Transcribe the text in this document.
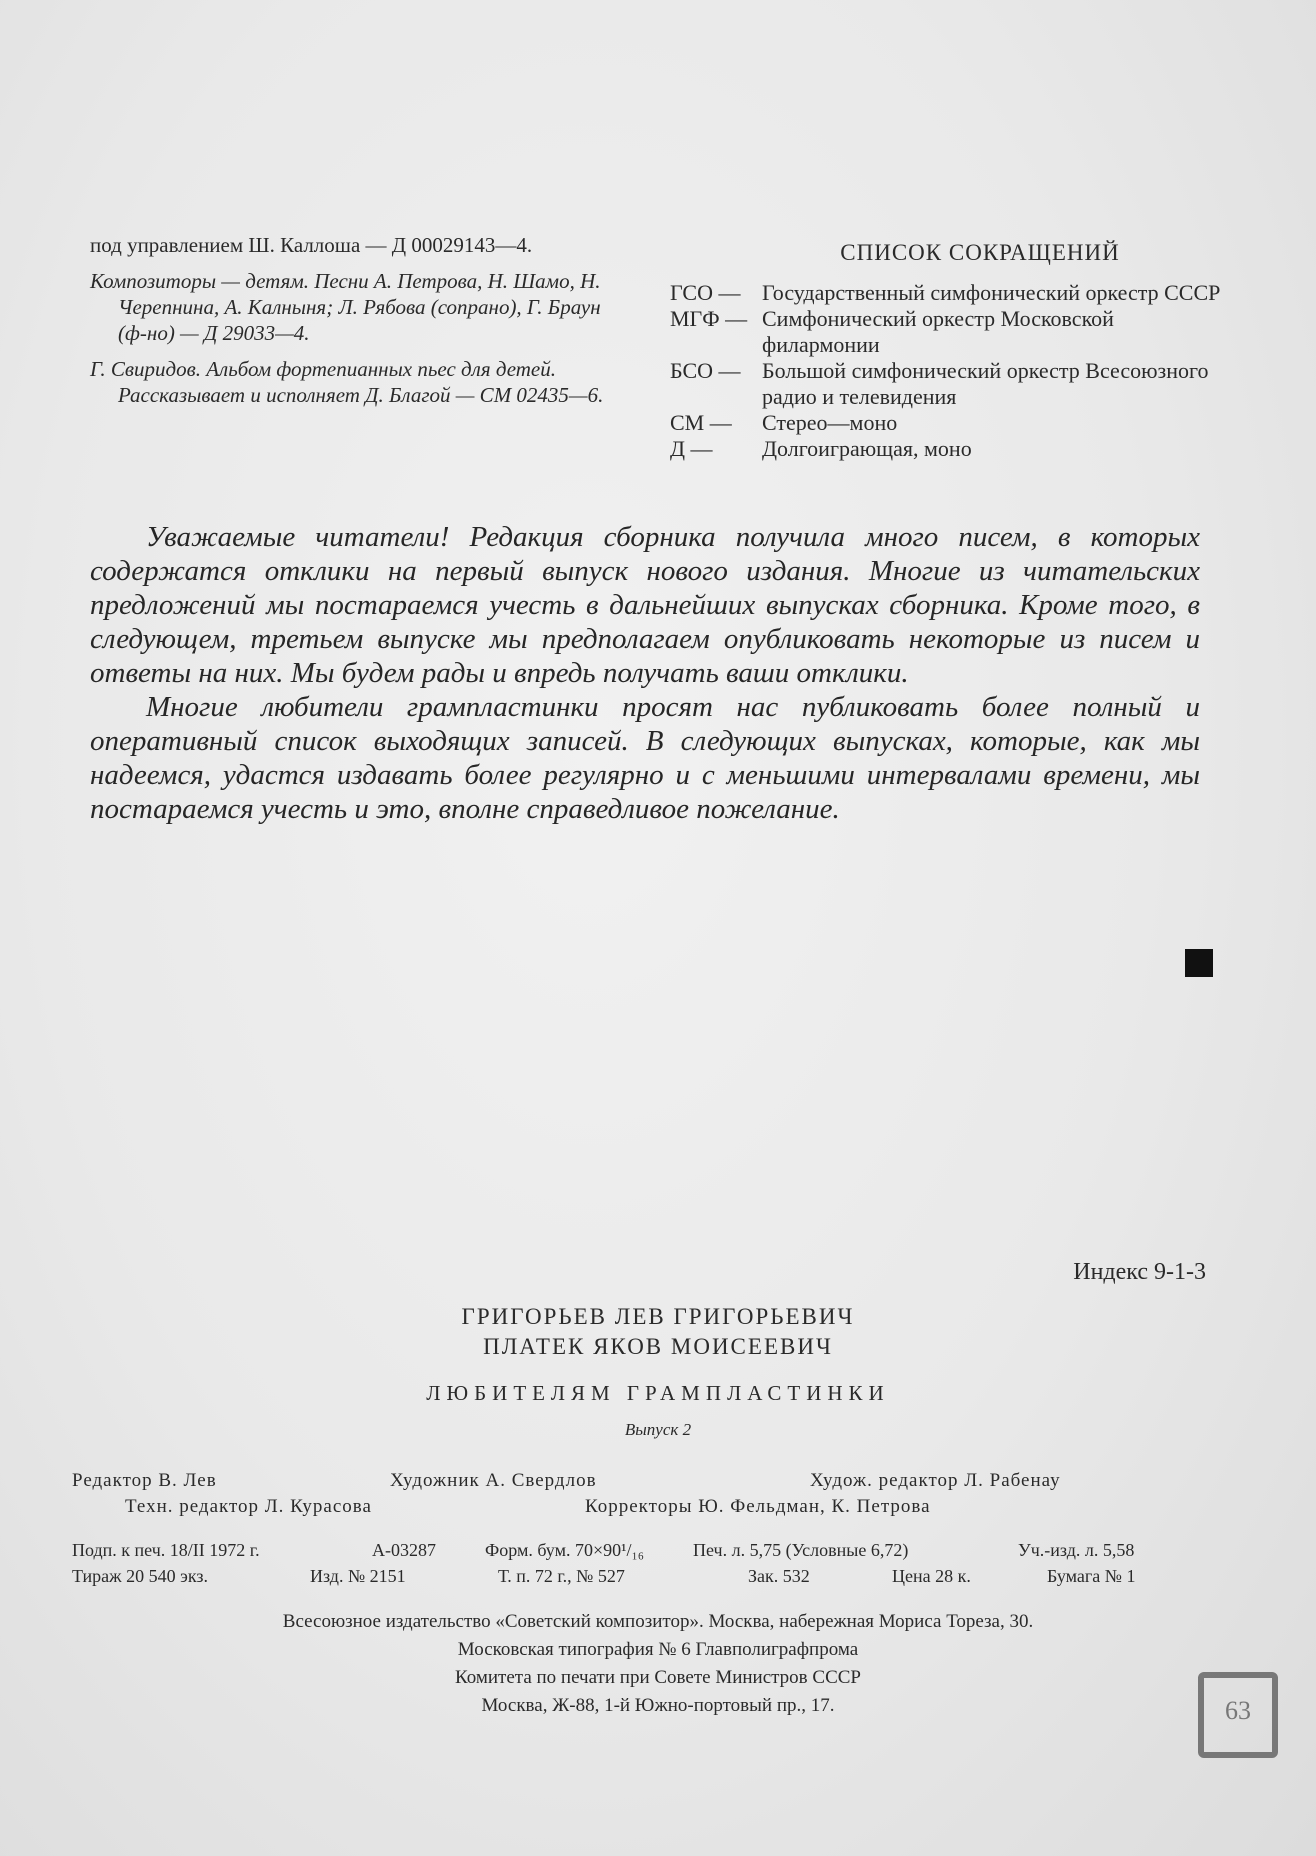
под управлением Ш. Каллоша — Д 00029143—4.

Композиторы — детям. Песни А. Петрова, Н. Шамо, Н. Черепнина, А. Калныня; Л. Рябова (сопрано), Г. Браун (ф-но) — Д 29033—4.

Г. Свиридов. Альбом фортепианных пьес для детей. Рассказывает и исполняет Д. Благой — СМ 02435—6.

СПИСОК СОКРАЩЕНИЙ
ГСО — Государственный симфонический оркестр СССР
МГФ — Симфонический оркестр Московской филармонии
БСО — Большой симфонический оркестр Всесоюзного радио и телевидения
СМ —	Стерео—моно
Д —	Долгоиграющая, моно

Уважаемые читатели! Редакция сборника получила много писем, в которых содержатся отклики на первый выпуск нового издания. Многие из читательских предложений мы постараемся учесть в дальнейших выпусках сборника. Кроме того, в следующем, третьем выпуске мы предполагаем опубликовать некоторые из писем и ответы на них. Мы будем рады и впредь получать ваши отклики.

Многие любители грампластинки просят нас публиковать более полный и оперативный список выходящих записей. В следующих выпусках, которые, как мы надеемся, удастся издавать более регулярно и с меньшими интервалами времени, мы постараемся учесть и это, вполне справедливое пожелание.

Индекс 9-1-3
ГРИГОРЬЕВ ЛЕВ ГРИГОРЬЕВИЧ
ПЛАТЕК ЯКОВ МОИСЕЕВИЧ
ЛЮБИТЕЛЯМ ГРАМПЛАСТИНКИ
Выпуск 2
Редактор В. Лев	Художник А. Свердлов	Худож. редактор Л. Рабенау
Техн. редактор Л. Курасова	Корректоры Ю. Фельдман, К. Петрова
Подп. к печ. 18/II 1972 г.	А-03287	Форм. бум. 70×90¹/₁₆	Печ. л. 5,75 (Условные 6,72)	Уч.-изд. л. 5,58
Тираж 20 540 экз.	Изд. № 2151	Т. п. 72 г., № 527	Зак. 532	Цена 28 к.	Бумага № 1
Всесоюзное издательство «Советский композитор». Москва, набережная Мориса Тореза, 30.
Московская типография № 6 Главполиграфпрома
Комитета по печати при Совете Министров СССР
Москва, Ж-88, 1-й Южно-портовый пр., 17.	63
